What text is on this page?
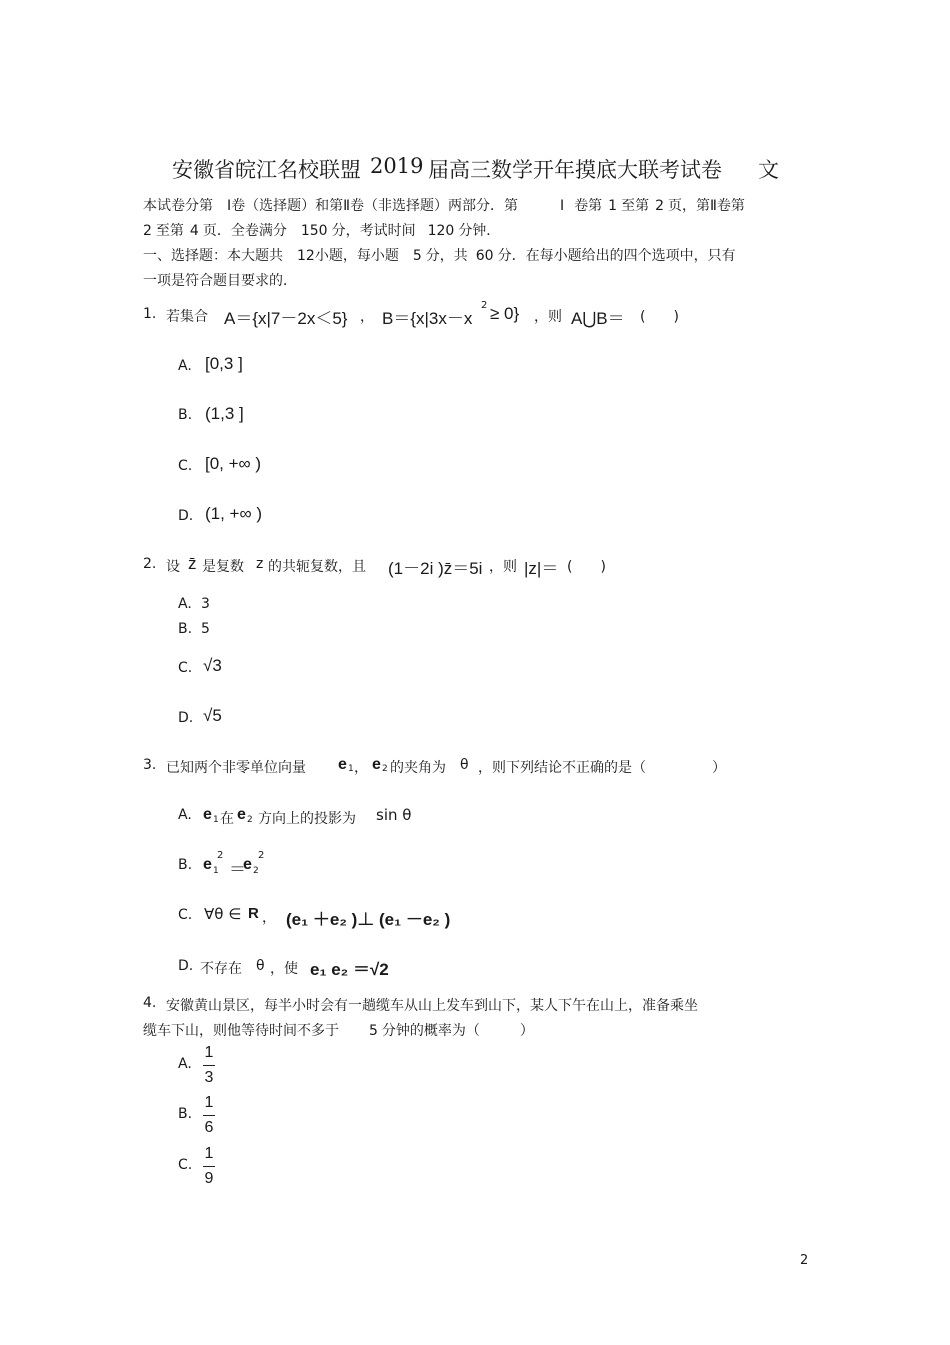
安徽省皖江名校联盟 2019 届高三数学开年摸底大联考试卷 文
本试卷分第 Ⅰ卷（选择题）和第Ⅱ卷（非选择题）两部分．第	Ⅰ 卷第 1 至第 2 页，第Ⅱ卷第
2 至第 4 页．全卷满分 150 分，考试时间 120 分钟．
一、选择题：本大题共 12小题，每小题 5 分，共 60 分．在每小题给出的四个选项中，只有
一项是符合题目要求的．
1. 若集合 A＝{x|7－2x＜5} ， B＝{x|3x－x
2 ≥ 0} ，则 A⋃B＝ (　　)
A. [0,3 ]
B. (1,3 ]
C. [0, +∞ )
D. (1, +∞ )
2. 设 z̄ 是复数 z 的共轭复数，且 (1－2i )z̄＝5i ，则 |z|＝ (　　)
A. 3
B. 5
C. √3
D. √5
3. 已知两个非零单位向量 e 1 ， e 2 的夹角为 θ ，则下列结论不正确的是（	）
A. e 1 在 e 2 方向上的投影为 sin θ
B. e 1
2
＝
e 2
2
C. ∀θ ∈ R ， (e₁ ＋e₂ )⊥ (e₁ －e₂ )
D. 不存在 θ ，使 e₁ e₂ ＝√2
4. 安徽黄山景区，每半小时会有一趟缆车从山上发车到山下，某人下午在山上，准备乘坐
缆车下山，则他等待时间不多于 5 分钟的概率为（	）
A.
1
3
B.
1
6
C.
1
9
2
